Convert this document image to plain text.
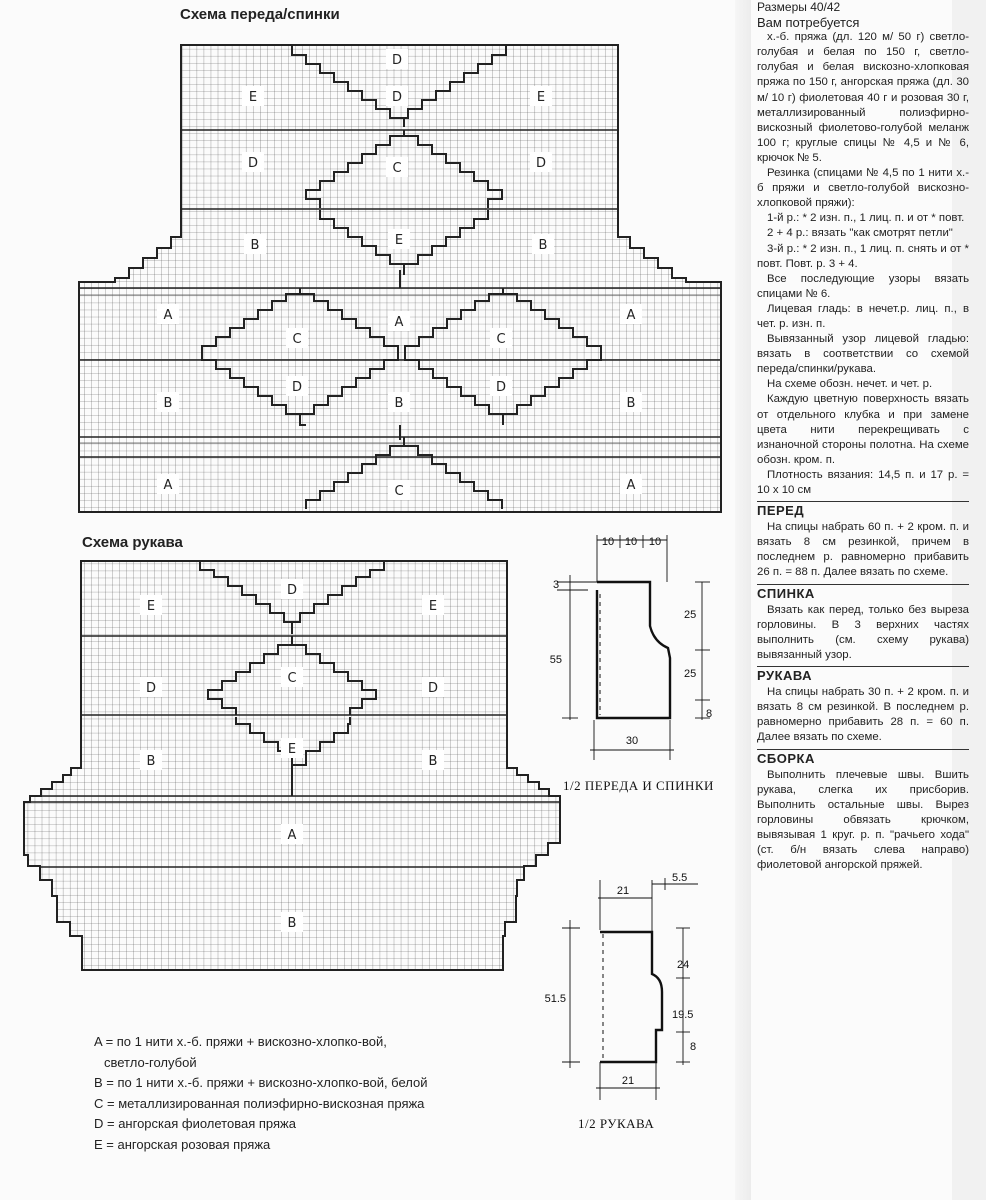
Схема переда/спинки
D
D
E	E
D	C	D
B	E	B
A
C
A
C
A
D	D
B	B	B
A	C	A
Схема рукава
D
E	E
D
C
D
B
E
B
A
B
10 10 10
3
25
25
55
8
30
1/2 ПЕРЕДА И СПИНКИ
21
5.5
24
51.5
19.5
8
21
1/2 РУКАВА
A = по 1 нити х.-б. пряжи + вискозно-хлопко-вой, светло-голубой
B = по 1 нити х.-б. пряжи + вискозно-хлопко-вой, белой
C = металлизированная полиэфирно-вискозная пряжа
D = ангорская фиолетовая пряжа
E = ангорская розовая пряжа

Размеры 40/42

Вам потребуется

х.-б. пряжа (дл. 120 м/ 50 г) светло-голубая и белая по 150 г, светло-голубая и белая вискозно-хлопковая пряжа по 150 г, ангорская пряжа (дл. 30 м/ 10 г) фиолетовая 40 г и розовая 30 г, металлизированный полиэфирно-вискозный фиолетово-голубой меланж 100 г; круглые спицы № 4,5 и № 6, крючок № 5.

Резинка (спицами № 4,5 по 1 нити х.-б пряжи и светло-голубой вискозно-хлопковой пряжи):

1-й р.: * 2 изн. п., 1 лиц. п. и от * повт.

2 + 4 р.: вязать "как смотрят петли"

3-й р.: * 2 изн. п., 1 лиц. п. снять и от * повт. Повт. р. 3 + 4.

Все последующие узоры вязать спицами № 6.

Лицевая гладь: в нечет.р. лиц. п., в чет. р. изн. п.

Вывязанный узор лицевой гладью: вязать в соответствии со схемой переда/спинки/рукава.

На схеме обозн. нечет. и чет. р.

Каждую цветную поверхность вязать от отдельного клубка и при замене цвета нити перекрещивать с изнаночной стороны полотна. На схеме обозн. кром. п.

Плотность вязания: 14,5 п. и 17 р. = 10 х 10 см

ПЕРЕД

На спицы набрать 60 п. + 2 кром. п. и вязать 8 см резинкой, причем в последнем р. равномерно прибавить 26 п. = 88 п. Далее вязать по схеме.

СПИНКА

Вязать как перед, только без выреза горловины. В 3 верхних частях выполнить (см. схему рукава) вывязанный узор.

РУКАВА

На спицы набрать 30 п. + 2 кром. п. и вязать 8 см резинкой. В последнем р. равномерно прибавить 28 п. = 60 п. Далее вязать по схеме.

СБОРКА

Выполнить плечевые швы. Вшить рукава, слегка их присборив. Выполнить остальные швы. Вырез горловины обвязать крючком, вывязывая 1 круг. р. п. "рачьего хода" (ст. б/н вязать слева направо) фиолетовой ангорской пряжей.
